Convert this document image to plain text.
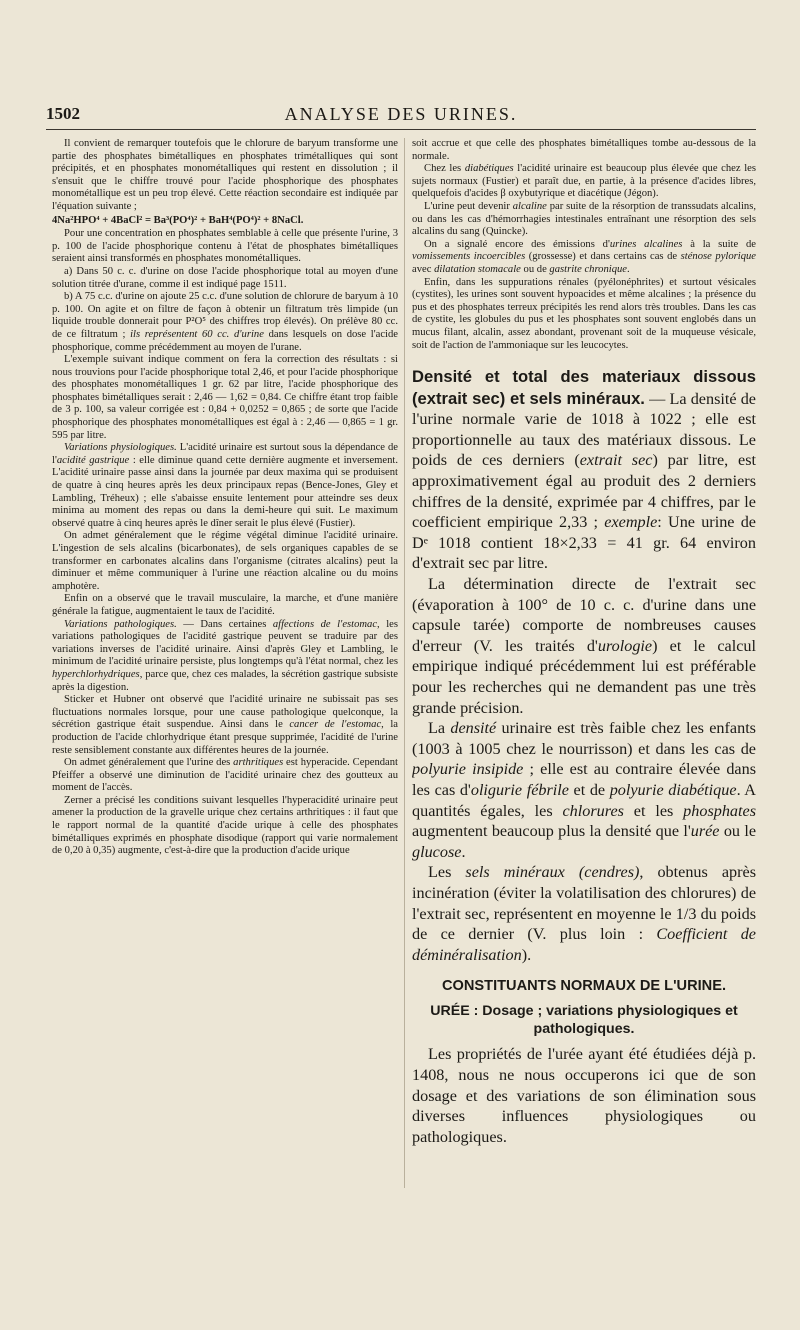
1502	ANALYSE DES URINES.

Il convient de remarquer toutefois que le chlorure de baryum transforme une partie des phosphates bimétalliques en phosphates trimétalliques qui sont précipités, et en phosphates monométalliques qui restent en dissolution ; il s'ensuit que le chiffre trouvé pour l'acide phosphorique des phosphates monométallique est un peu trop élevé. Cette réaction secondaire est indiquée par l'équation suivante ;

4Na²HPO⁴ + 4BaCl² = Ba³(PO⁴)² + BaH⁴(PO⁴)² + 8NaCl.

Pour une concentration en phosphates semblable à celle que présente l'urine, 3 p. 100 de l'acide phosphorique contenu à l'état de phosphates bimétalliques seraient ainsi transformés en phosphates monométalliques.

a) Dans 50 c. c. d'urine on dose l'acide phosphorique total au moyen d'une solution titrée d'urane, comme il est indiqué page 1511.

b) A 75 c.c. d'urine on ajoute 25 c.c. d'une solution de chlorure de baryum à 10 p. 100. On agite et on filtre de façon à obtenir un filtratum très limpide (un liquide trouble donnerait pour P²O⁵ des chiffres trop élevés). On prélève 80 cc. de ce filtratum ; ils représentent 60 cc. d'urine dans lesquels on dose l'acide phosphorique, comme précédemment au moyen de l'urane.

L'exemple suivant indique comment on fera la correction des résultats : si nous trouvions pour l'acide phosphorique total 2,46, et pour l'acide phosphorique des phosphates monométalliques 1 gr. 62 par litre, l'acide phosphorique des phosphates bimétalliques serait : 2,46 — 1,62 = 0,84. Ce chiffre étant trop faible de 3 p. 100, sa valeur corrigée est : 0,84 + 0,0252 = 0,865 ; de sorte que l'acide phosphorique des phosphates monométalliques est égal à : 2,46 — 0,865 = 1 gr. 595 par litre.

Variations physiologiques. L'acidité urinaire est surtout sous la dépendance de l'acidité gastrique : elle diminue quand cette dernière augmente et inversement. L'acidité urinaire passe ainsi dans la journée par deux maxima qui se produisent de quatre à cinq heures après les deux principaux repas (Bence-Jones, Gley et Lambling, Tréheux) ; elle s'abaisse ensuite lentement pour atteindre ses deux minima au moment des repas ou dans la demi-heure qui suit. Le maximum observé quatre à cinq heures après le dîner serait le plus élevé (Fustier).

On admet généralement que le régime végétal diminue l'acidité urinaire. L'ingestion de sels alcalins (bicarbonates), de sels organiques capables de se transformer en carbonates alcalins dans l'organisme (citrates alcalins) peut la diminuer et même communiquer à l'urine une réaction alcaline ou du moins amphotère.

Enfin on a observé que le travail musculaire, la marche, et d'une manière générale la fatigue, augmentaient le taux de l'acidité.

Variations pathologiques. — Dans certaines affections de l'estomac, les variations pathologiques de l'acidité gastrique peuvent se traduire par des variations inverses de l'acidité urinaire. Ainsi d'après Gley et Lambling, le minimum de l'acidité urinaire persiste, plus longtemps qu'à l'état normal, chez les hyperchlorhydriques, parce que, chez ces malades, la sécrétion gastrique subsiste après la digestion.

Sticker et Hubner ont observé que l'acidité urinaire ne subissait pas ses fluctuations normales lorsque, pour une cause pathologique quelconque, la sécrétion gastrique était suspendue. Ainsi dans le cancer de l'estomac, la production de l'acide chlorhydrique étant presque supprimée, l'acidité de l'urine reste sensiblement constante aux différentes heures de la journée.

On admet généralement que l'urine des arthritiques est hyperacide. Cependant Pfeiffer a observé une diminution de l'acidité urinaire chez des goutteux au moment de l'accès.

Zerner a précisé les conditions suivant lesquelles l'hyperacidité urinaire peut amener la production de la gravelle urique chez certains arthritiques : il faut que le rapport normal de la quantité d'acide urique à celle des phosphates bimétalliques exprimés en phosphate disodique (rapport qui varie normalement de 0,20 à 0,35) augmente, c'est-à-dire que la production d'acide urique

soit accrue et que celle des phosphates bimétalliques tombe au-dessous de la normale.

Chez les diabétiques l'acidité urinaire est beaucoup plus élevée que chez les sujets normaux (Fustier) et paraît due, en partie, à la présence d'acides libres, quelquefois d'acides β oxybutyrique et diacétique (Jégon).

L'urine peut devenir alcaline par suite de la résorption de transsudats alcalins, ou dans les cas d'hémorrhagies intestinales entraînant une résorption des sels alcalins du sang (Quincke).

On a signalé encore des émissions d'urines alcalines à la suite de vomissements incoercibles (grossesse) et dans certains cas de sténose pylorique avec dilatation stomacale ou de gastrite chronique.

Enfin, dans les suppurations rénales (pyélonéphrites) et surtout vésicales (cystites), les urines sont souvent hypoacides et même alcalines ; la présence du pus et des phosphates terreux précipités les rend alors très troubles. Dans les cas de cystite, les globules du pus et les phosphates sont souvent englobés dans un mucus filant, alcalin, assez abondant, provenant soit de la muqueuse vésicale, soit de l'action de l'ammoniaque sur les leucocytes.

Densité et total des materiaux dissous (extrait sec) et sels minéraux. — La densité de l'urine normale varie de 1018 à 1022 ; elle est proportionnelle au taux des matériaux dissous. Le poids de ces derniers (extrait sec) par litre, est approximativement égal au produit des 2 derniers chiffres de la densité, exprimée par 4 chiffres, par le coefficient empirique 2,33 ; exemple: Une urine de Dᵉ 1018 contient 18×2,33 = 41 gr. 64 environ d'extrait sec par litre.

La détermination directe de l'extrait sec (évaporation à 100° de 10 c. c. d'urine dans une capsule tarée) comporte de nombreuses causes d'erreur (V. les traités d'urologie) et le calcul empirique indiqué précédemment lui est préférable pour les recherches qui ne demandent pas une très grande précision.

La densité urinaire est très faible chez les enfants (1003 à 1005 chez le nourrisson) et dans les cas de polyurie insipide ; elle est au contraire élevée dans les cas d'oligurie fébrile et de polyurie diabétique. A quantités égales, les chlorures et les phosphates augmentent beaucoup plus la densité que l'urée ou le glucose.

Les sels minéraux (cendres), obtenus après incinération (éviter la volatilisation des chlorures) de l'extrait sec, représentent en moyenne le 1/3 du poids de ce dernier (V. plus loin : Coefficient de déminéralisation).

CONSTITUANTS NORMAUX DE L'URINE.
URÉE : Dosage ; variations physiologiques et pathologiques.

Les propriétés de l'urée ayant été étudiées déjà p. 1408, nous ne nous occuperons ici que de son dosage et des variations de son élimination sous diverses influences physiologiques ou pathologiques.
